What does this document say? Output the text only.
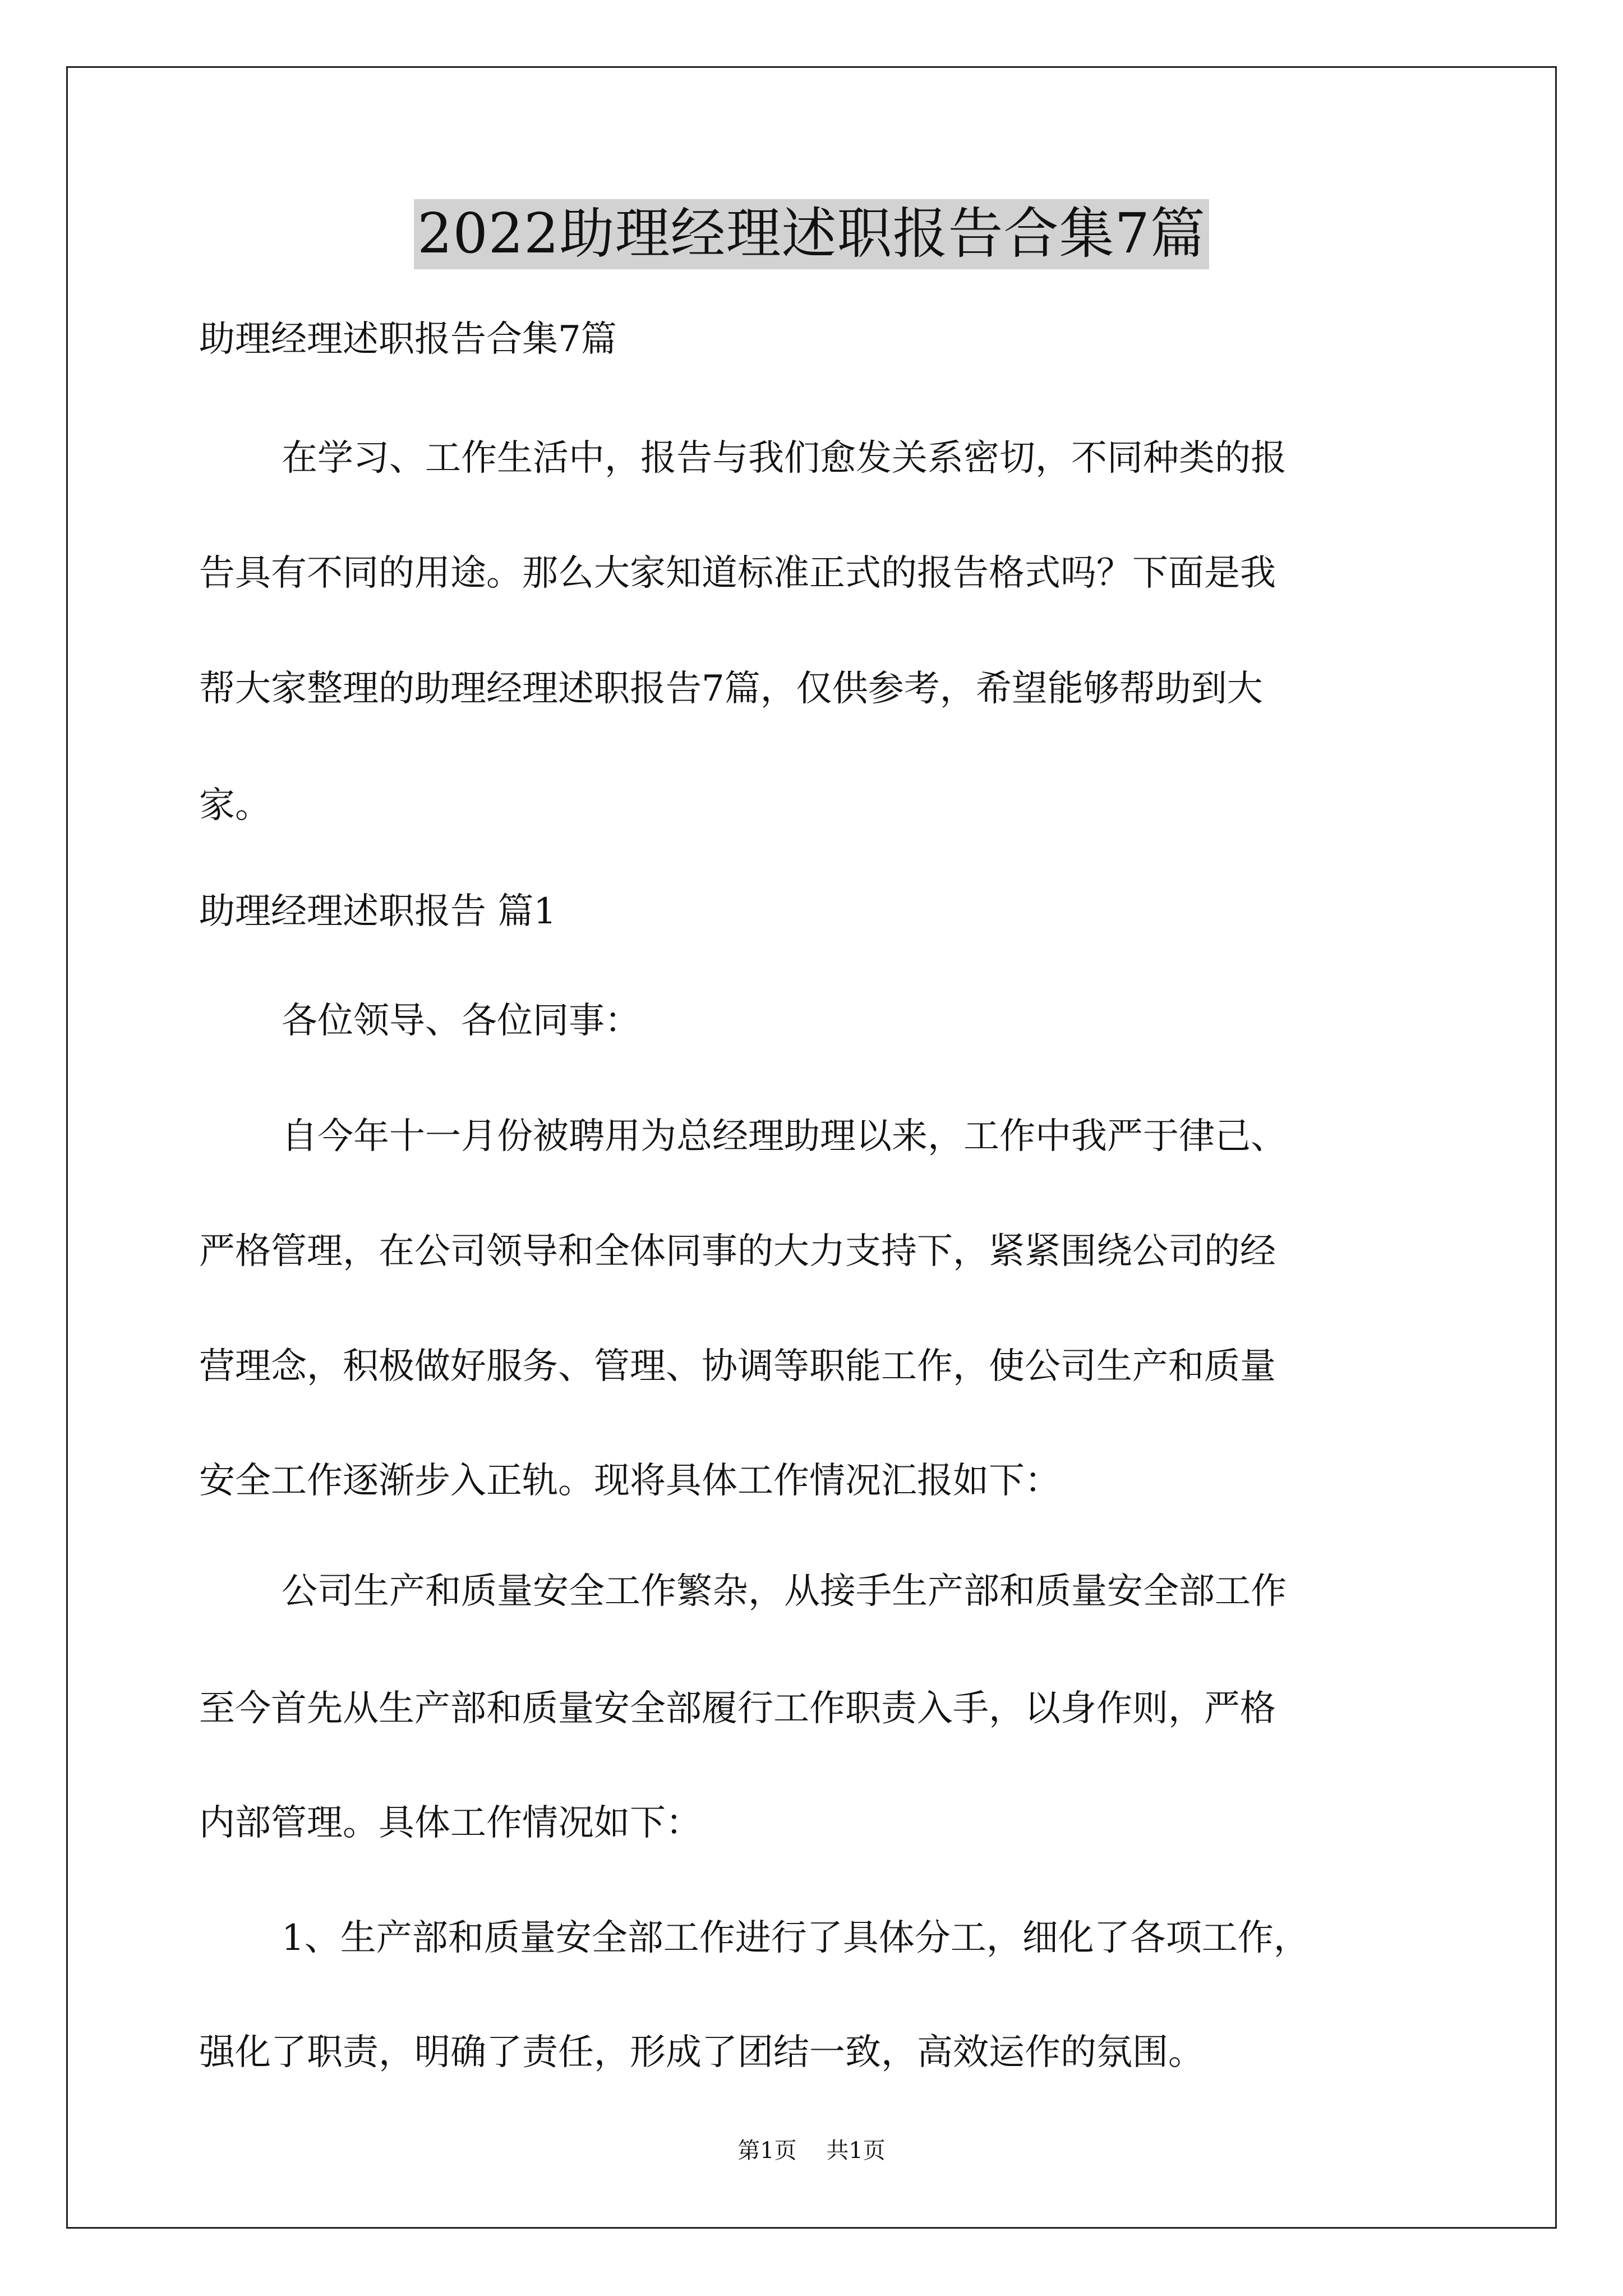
2022助理经理述职报告合集7篇
助理经理述职报告合集7篇
在学习、工作生活中，报告与我们愈发关系密切，不同种类的报
告具有不同的用途。那么大家知道标准正式的报告格式吗？下面是我
帮大家整理的助理经理述职报告7篇，仅供参考，希望能够帮助到大
家。
助理经理述职报告 篇1
各位领导、各位同事：
自今年十一月份被聘用为总经理助理以来，工作中我严于律己、
严格管理，在公司领导和全体同事的大力支持下，紧紧围绕公司的经
营理念，积极做好服务、管理、协调等职能工作，使公司生产和质量
安全工作逐渐步入正轨。现将具体工作情况汇报如下：
公司生产和质量安全工作繁杂，从接手生产部和质量安全部工作
至今首先从生产部和质量安全部履行工作职责入手，以身作则，严格
内部管理。具体工作情况如下：
1、生产部和质量安全部工作进行了具体分工，细化了各项工作，
强化了职责，明确了责任，形成了团结一致，高效运作的氛围。
第1页 共1页
